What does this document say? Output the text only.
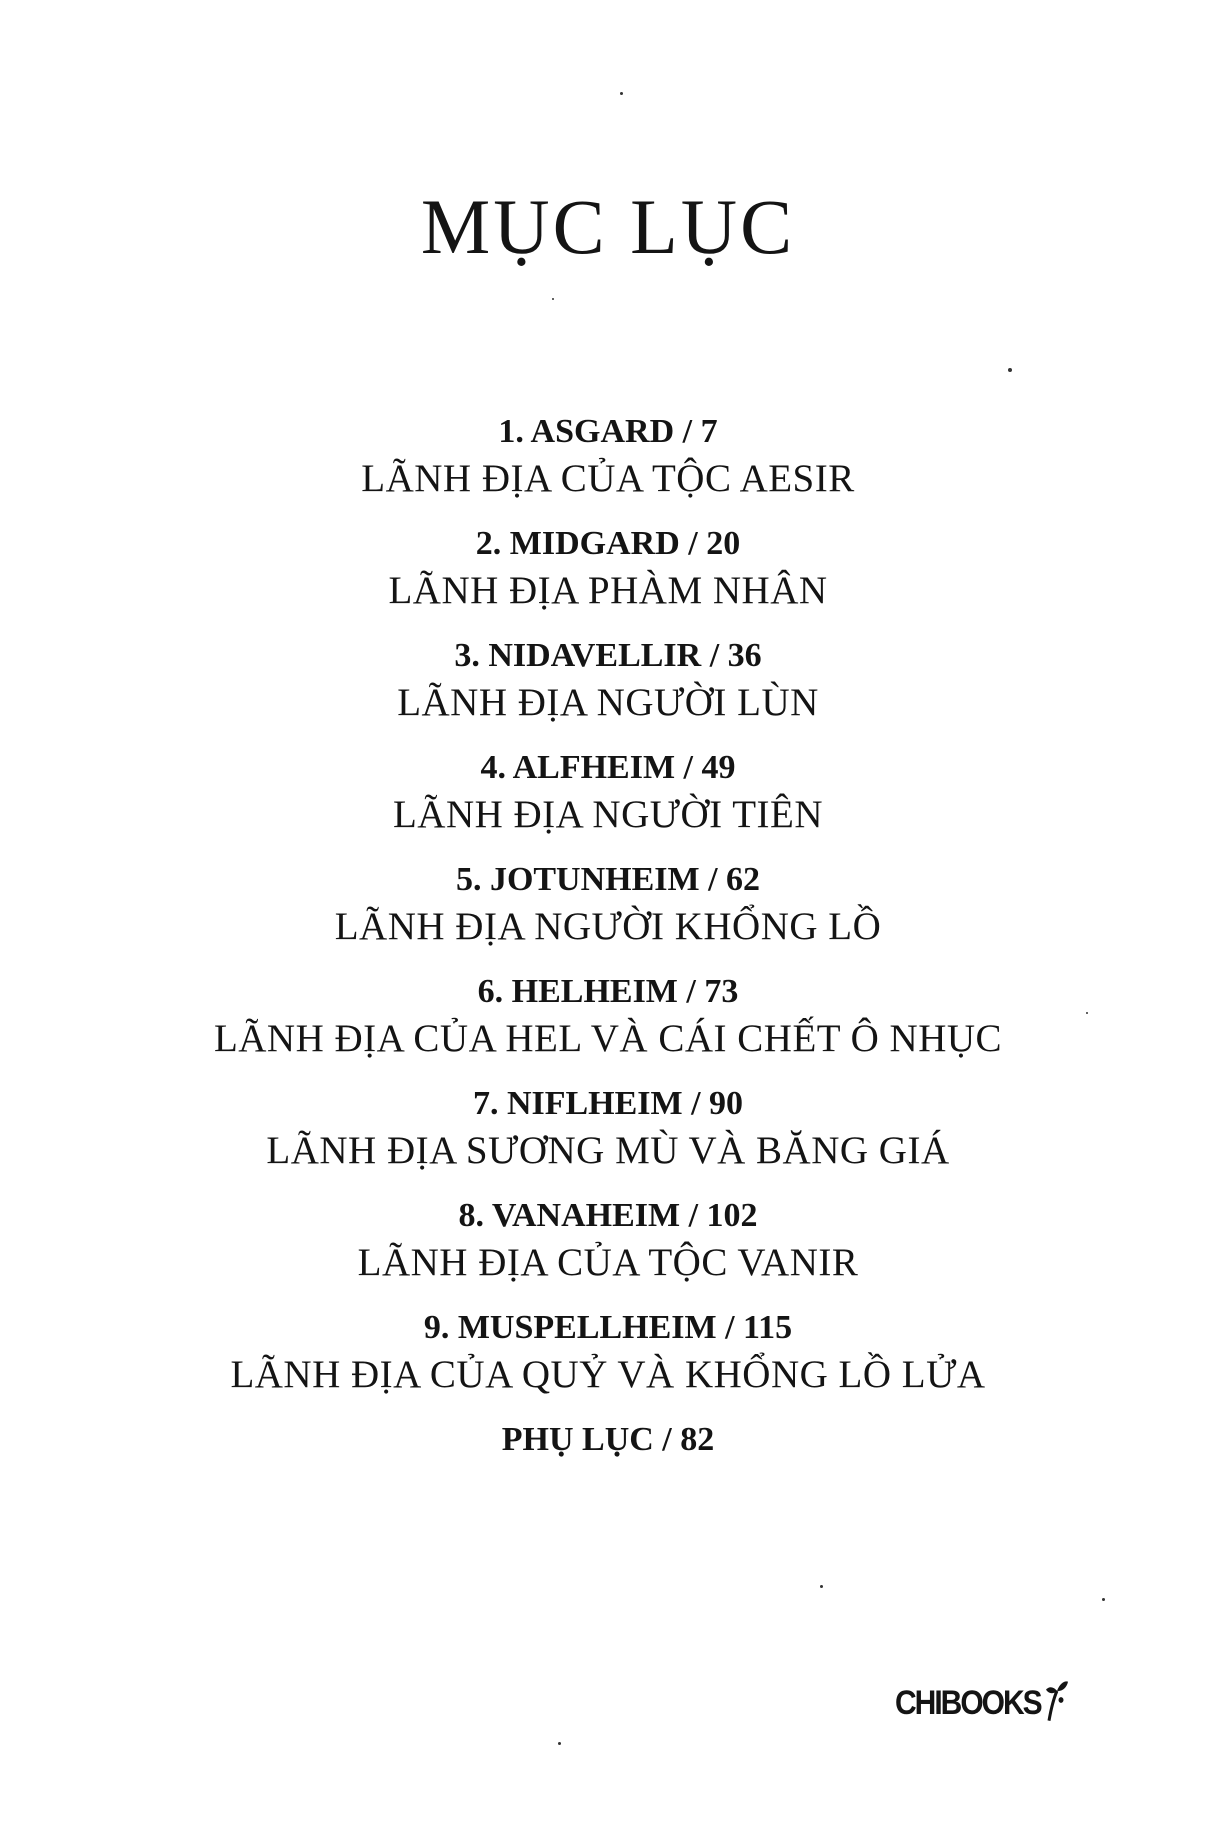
MỤC LỤC
1. ASGARD / 7
LÃNH ĐỊA CỦA TỘC AESIR
2. MIDGARD / 20
LÃNH ĐỊA PHÀM NHÂN
3. NIDAVELLIR / 36
LÃNH ĐỊA NGƯỜI LÙN
4. ALFHEIM / 49
LÃNH ĐỊA NGƯỜI TIÊN
5. JOTUNHEIM / 62
LÃNH ĐỊA NGƯỜI KHỔNG LỒ
6. HELHEIM / 73
LÃNH ĐỊA CỦA HEL VÀ CÁI CHẾT Ô NHỤC
7. NIFLHEIM / 90
LÃNH ĐỊA SƯƠNG MÙ VÀ BĂNG GIÁ
8. VANAHEIM / 102
LÃNH ĐỊA CỦA TỘC VANIR
9. MUSPELLHEIM / 115
LÃNH ĐỊA CỦA QUỶ VÀ KHỔNG LỒ LỬA
PHỤ LỤC / 82
CHIBOOKS
